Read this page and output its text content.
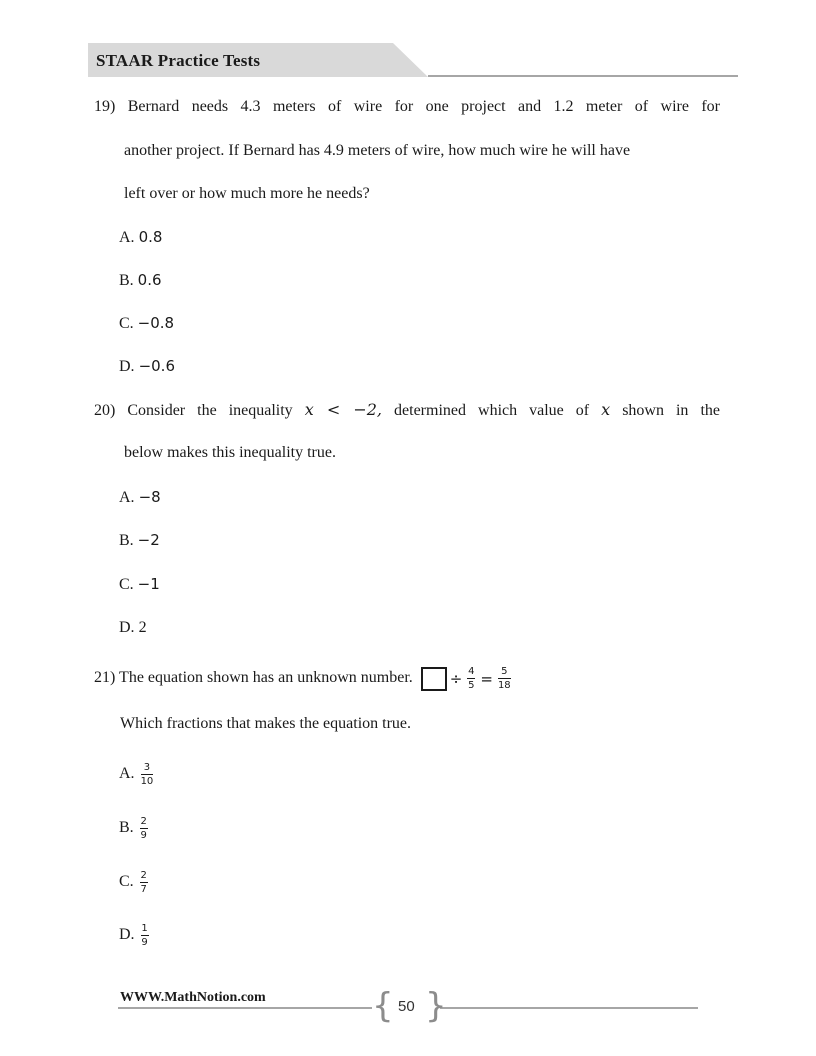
STAAR Practice Tests
19) Bernard needs 4.3 meters of wire for one project and 1.2 meter of wire for
another project. If Bernard has 4.9 meters of wire, how much wire he will have
left over or how much more he needs?
A. 0.8
B. 0.6
C. −0.8
D. −0.6
20) Consider the inequality x < −2, determined which value of x shown in the
below makes this inequality true.
A. −8
B. −2
C. −1
D. 2
21) The equation shown has an unknown number. ÷ $\frac{4}{5} = \frac{5}{18}$
Which fractions that makes the equation true.
A. $\frac{3}{10}$
B. $\frac{2}{9}$
C. $\frac{2}{7}$
D. $\frac{1}{9}$
WWW.MathNotion.com	{ }
50
